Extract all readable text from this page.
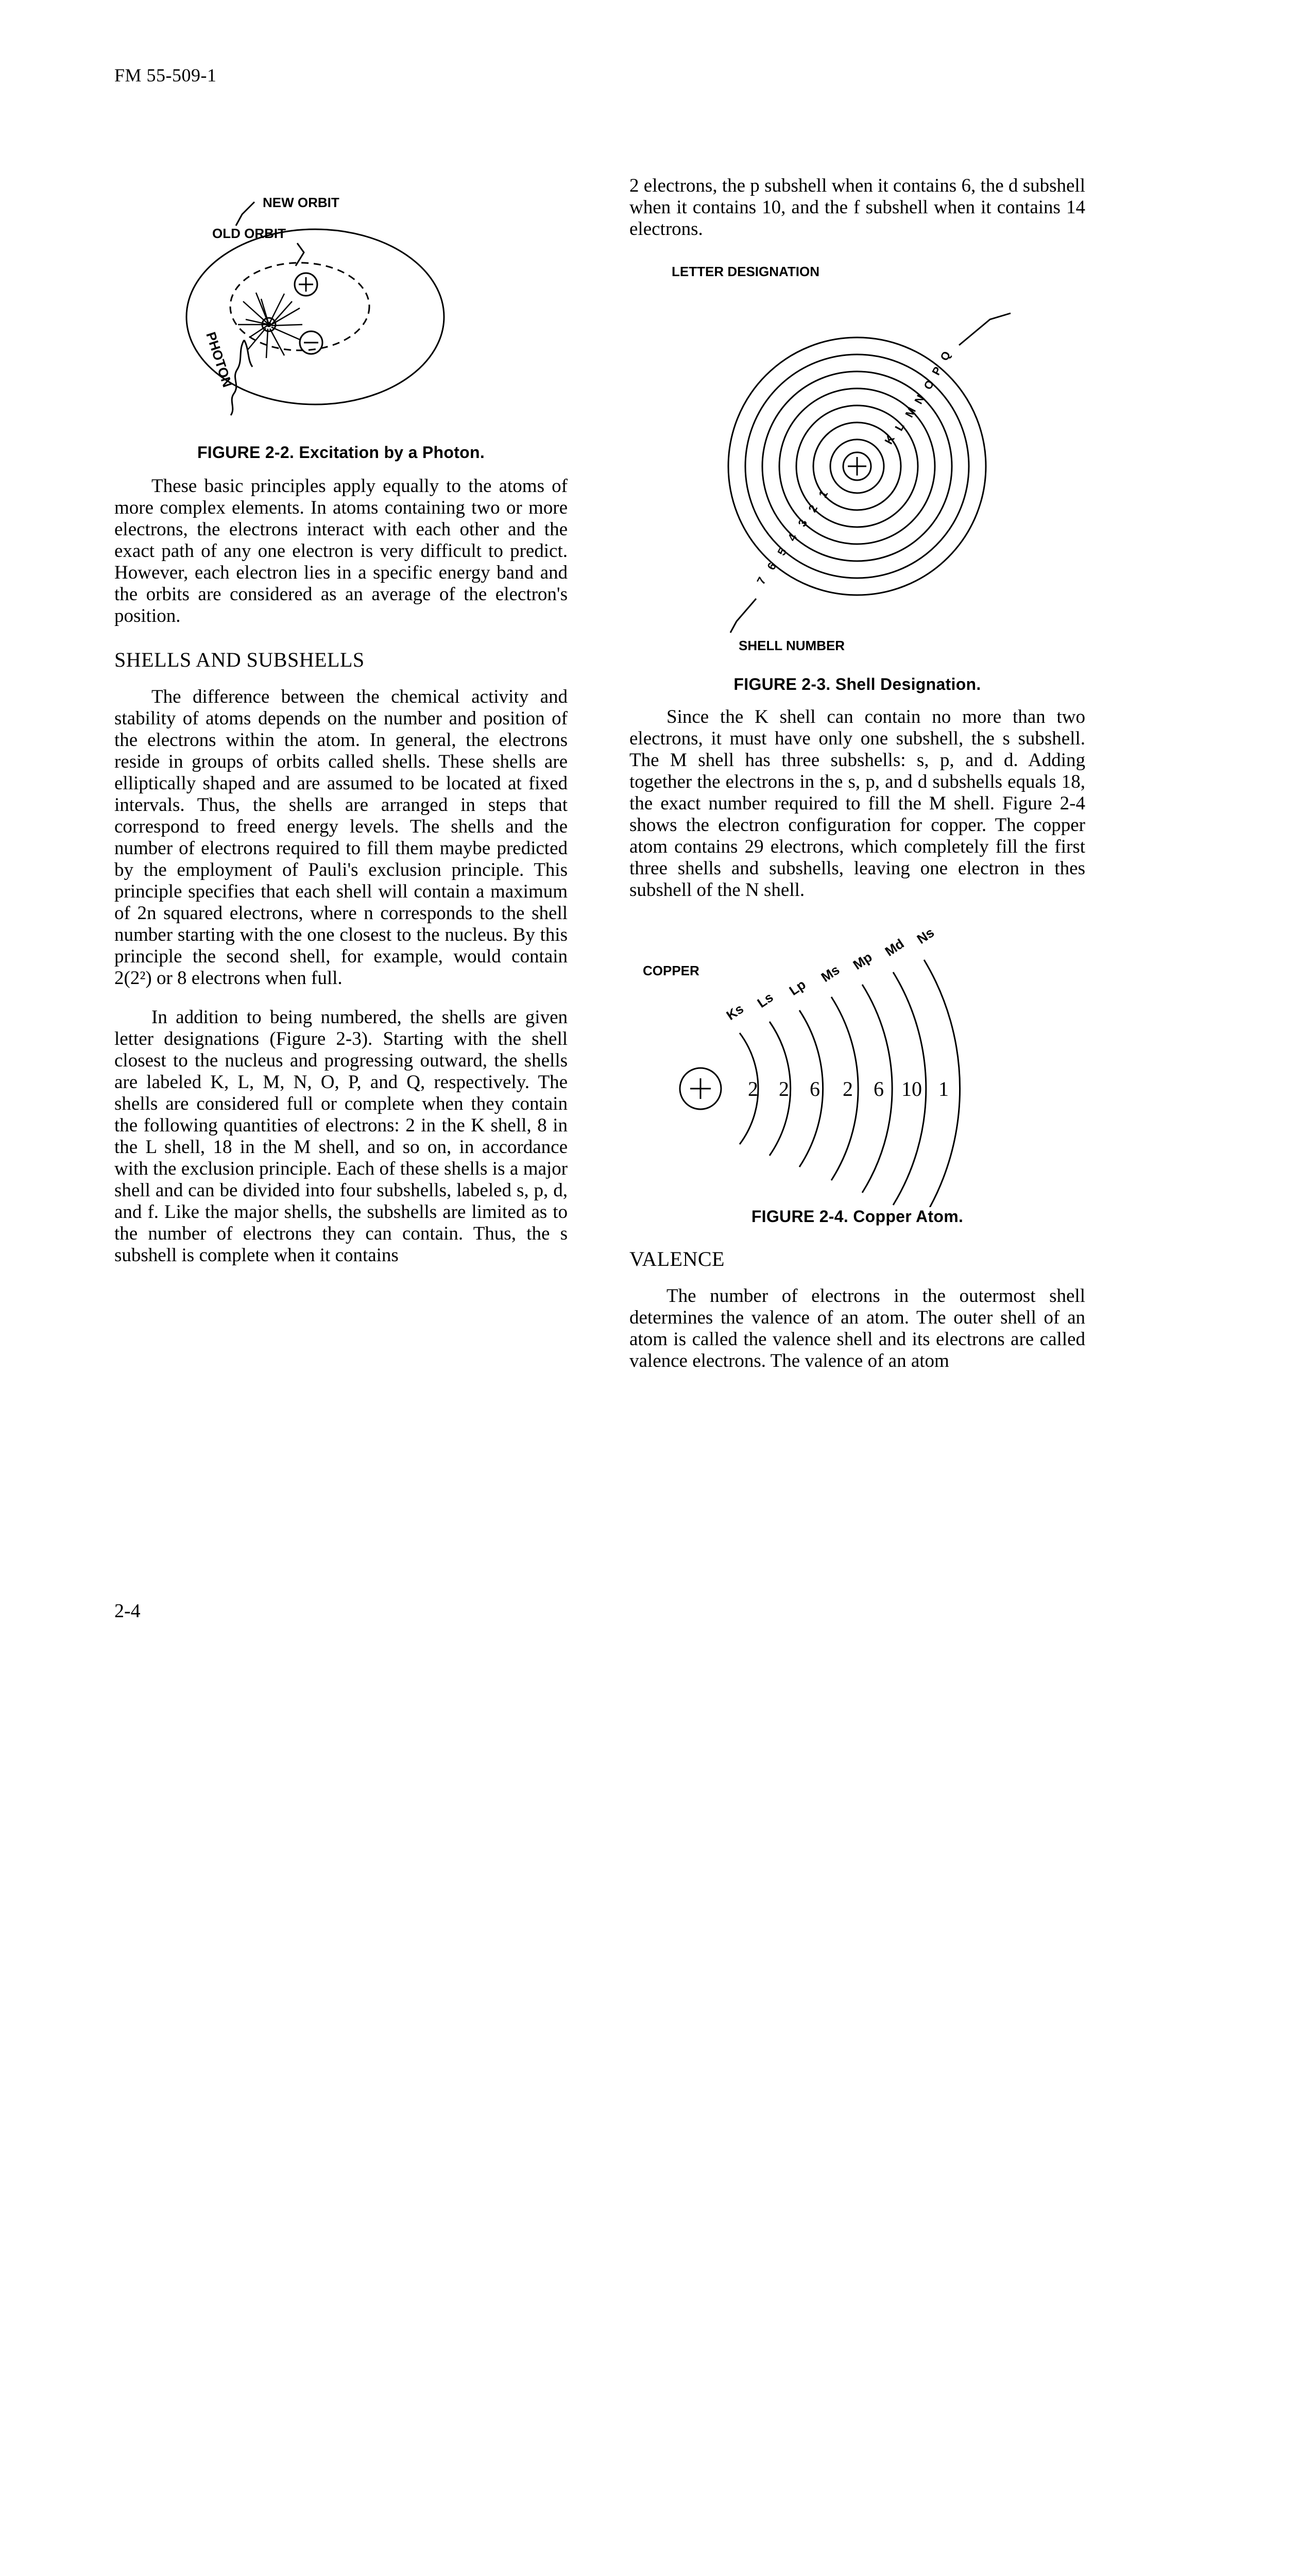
FM 55-509-1
NEW ORBIT
OLD ORBIT
PHOTON
FIGURE 2-2. Excitation by a Photon.

These basic principles apply equally to the atoms of more complex elements. In atoms containing two or more electrons, the electrons interact with each other and the exact path of any one electron is very difficult to predict. However, each electron lies in a specific energy band and the orbits are considered as an average of the electron's position.

SHELLS AND SUBSHELLS

The difference between the chemical activity and stability of atoms depends on the number and position of the electrons within the atom. In general, the electrons reside in groups of orbits called shells. These shells are elliptically shaped and are assumed to be located at fixed intervals. Thus, the shells are arranged in steps that correspond to freed energy levels. The shells and the number of electrons required to fill them maybe predicted by the employment of Pauli's exclusion principle. This principle specifies that each shell will contain a maximum of 2n squared electrons, where n corresponds to the shell number starting with the one closest to the nucleus. By this principle the second shell, for example, would contain 2(2²) or 8 electrons when full.

In addition to being numbered, the shells are given letter designations (Figure 2-3). Starting with the shell closest to the nucleus and progressing outward, the shells are labeled K, L, M, N, O, P, and Q, respectively. The shells are considered full or complete when they contain the following quantities of electrons: 2 in the K shell, 8 in the L shell, 18 in the M shell, and so on, in accordance with the exclusion principle. Each of these shells is a major shell and can be divided into four subshells, labeled s, p, d, and f. Like the major shells, the subshells are limited as to the number of electrons they can contain. Thus, the s subshell is complete when it contains

2 electrons, the p subshell when it contains 6, the d subshell when it contains 10, and the f subshell when it contains 14 electrons.

K
L
M
N
O
P
Q
LETTER DESIGNATION
1
2
3
4
5
6
7
SHELL NUMBER
FIGURE 2-3. Shell Designation.

Since the K shell can contain no more than two electrons, it must have only one subshell, the s subshell. The M shell has three subshells: s, p, and d. Adding together the electrons in the s, p, and d subshells equals 18, the exact number required to fill the M shell. Figure 2-4 shows the electron configuration for copper. The copper atom contains 29 electrons, which completely fill the first three shells and subshells, leaving one electron in thes subshell of the N shell.

Ks
Ls
Lp
Ms
Mp
Md Ns
2 2 6 2 6 10 1
COPPER
FIGURE 2-4. Copper Atom.
VALENCE

The number of electrons in the outermost shell determines the valence of an atom. The outer shell of an atom is called the valence shell and its electrons are called valence electrons. The valence of an atom

2-4
